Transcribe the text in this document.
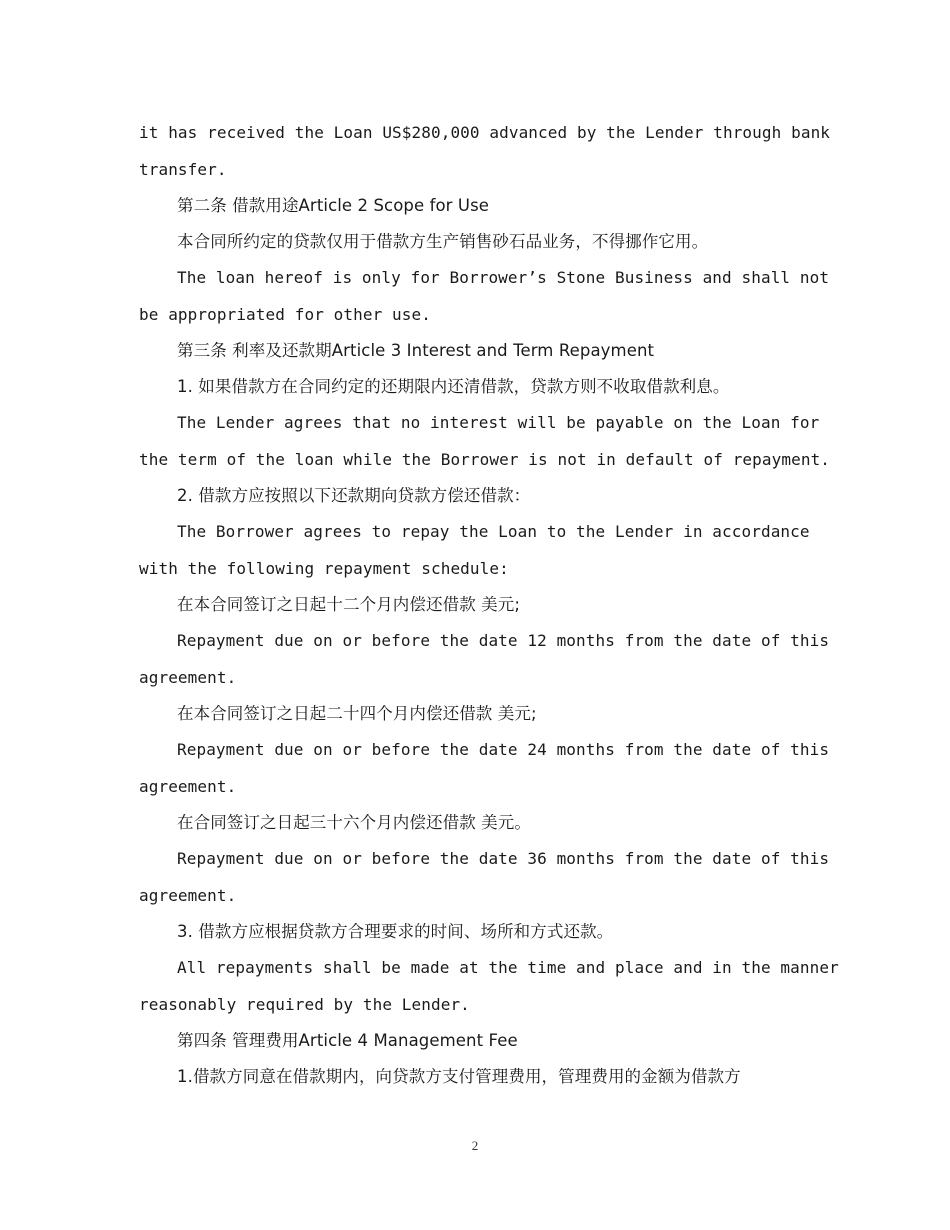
it has received the Loan US$280,000 advanced by the Lender through bank
transfer.
第二条 借款用途Article 2 Scope for Use
本合同所约定的贷款仅用于借款方生产销售砂石品业务，不得挪作它用。
The loan hereof is only for Borrower’s Stone Business and shall not
be appropriated for other use.
第三条 利率及还款期Article 3 Interest and Term Repayment
1. 如果借款方在合同约定的还期限内还清借款，贷款方则不收取借款利息。
The Lender agrees that no interest will be payable on the Loan for
the term of the loan while the Borrower is not in default of repayment.
2. 借款方应按照以下还款期向贷款方偿还借款：
The Borrower agrees to repay the Loan to the Lender in accordance
with the following repayment schedule:
在本合同签订之日起十二个月内偿还借款 美元;
Repayment due on or before the date 12 months from the date of this
agreement.
在本合同签订之日起二十四个月内偿还借款 美元;
Repayment due on or before the date 24 months from the date of this
agreement.
在合同签订之日起三十六个月内偿还借款 美元。
Repayment due on or before the date 36 months from the date of this
agreement.
3. 借款方应根据贷款方合理要求的时间、场所和方式还款。
All repayments shall be made at the time and place and in the manner
reasonably required by the Lender.
第四条 管理费用Article 4 Management Fee
1.借款方同意在借款期内，向贷款方支付管理费用，管理费用的金额为借款方
2
